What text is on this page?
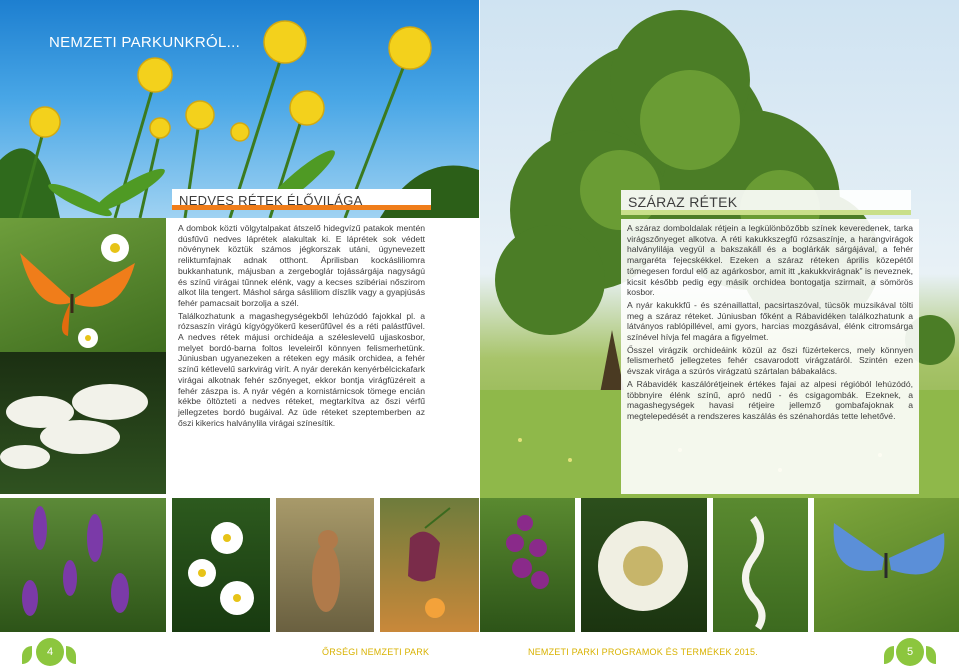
NEMZETI PARKUNKRÓL...
NEDVES RÉTEK ÉLŐVILÁGA

A dombok közti völgytalpakat átszelő hidegvízű patakok mentén dúsfűvű nedves láprétek alakultak ki. E láprétek sok védett növénynek köztük számos jégkorszak utáni, úgynevezett reliktumfajnak adnak otthont. Áprilisban kockásliliomra bukkanhatunk, májusban a zergeboglár tojássárgája nagyságú és színű virágai tűnnek elénk, vagy a kecses szibériai nőszirom alkot lila tengert. Máshol sárga sásliliom díszlik vagy a gyapjúsás fehér pamacsait borzolja a szél.

Találkozhatunk a magashegységekből lehúzódó fajokkal pl. a rózsaszín virágú kígyógyökerű keserűfűvel és a réti palástfűvel. A nedves rétek májusi orchideája a széleslevelű ujjaskosbor, melyet bordó-barna foltos leveleiről könnyen felismerhetünk. Júniusban ugyanezeken a réteken egy másik orchidea, a fehér színű kétlevelű sarkvirág virít. A nyár derekán kenyérbélcickafark virágai alkotnak fehér szőnyeget, ekkor bontja virágfüzéreit a fehér zászpa is. A nyár végén a kornistárnicsok tömege encián kékbe öltözteti a nedves réteket, megtarkítva az őszi vérfű jellegzetes bordó bugáival. Az üde réteket szeptemberben az őszi kikerics halványlila virágai színesítik.

4	ŐRSÉGI NEMZETI PARK
SZÁRAZ RÉTEK

A száraz domboldalak rétjein a legkülönbözőbb színek keveredenek, tarka virágszőnyeget alkotva. A réti kakukkszegfű rózsaszínje, a harangvirágok halványlilája vegyül a bakszakáll és a boglárkák sárgájával, a fehér margaréta fejecskékkel. Ezeken a száraz réteken április közepétől tömegesen fordul elő az agárkosbor, amit itt „kakukkvirágnak” is neveznek, kicsit később pedig egy másik orchidea bontogatja szirmait, a sömörös kosbor.

A nyár kakukkfű - és szénaillattal, pacsirtaszóval, tücsök muzsikával tölti meg a száraz réteket. Júniusban főként a Rábavidéken találkozhatunk a látványos rablópillével, ami gyors, harcias mozgásával, élénk citromsárga színével hívja fel magára a figyelmet.

Ősszel virágzik orchideáink közül az őszi füzértekercs, mely könnyen felismerhető jellegzetes fehér csavarodott virágzatáról. Szintén ezen évszak virága a szúrós virágzatú szártalan bábakalács.

A Rábavidék kaszálórétjeinek értékes fajai az alpesi régióból lehúzódó, többnyire élénk színű, apró nedű - és csigagombák. Ezeknek, a magashegységek havasi rétjeire jellemző gombafajoknak a megtelepedését a rendszeres kaszálás és szénahordás tette lehetővé.

NEMZETI PARKI PROGRAMOK ÉS TERMÉKEK 2015.	5
